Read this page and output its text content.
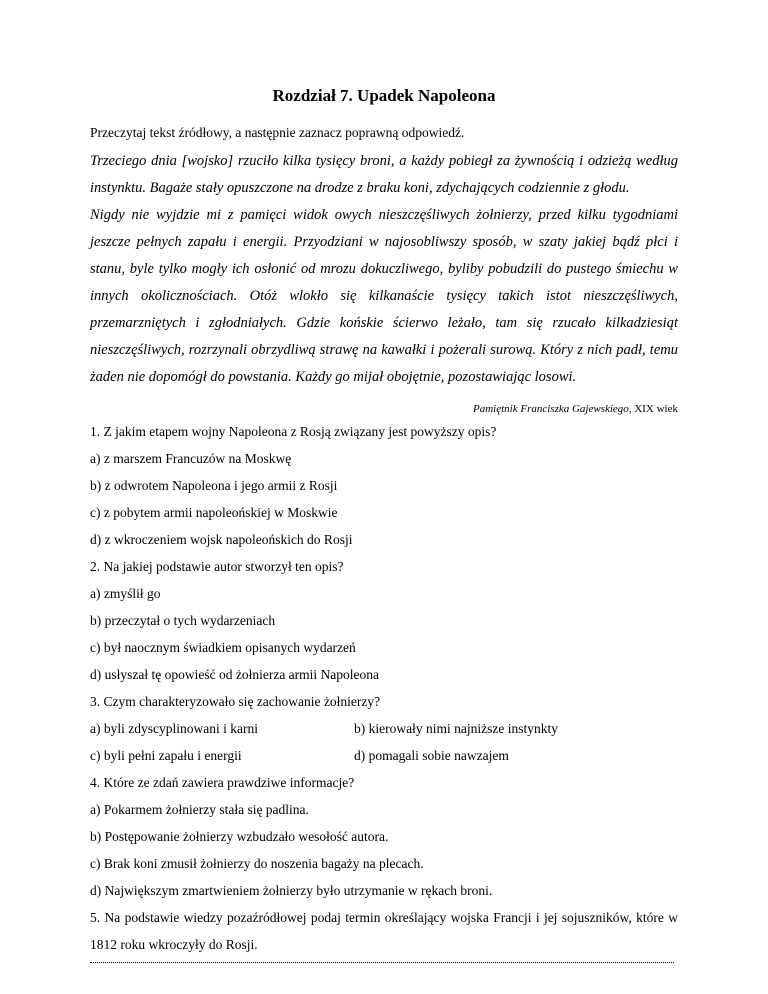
Rozdział 7. Upadek Napoleona
Przeczytaj tekst źródłowy, a następnie zaznacz poprawną odpowiedź.

Trzeciego dnia [wojsko] rzuciło kilka tysięcy broni, a każdy pobiegł za żywnością i odzieżą według instynktu. Bagaże stały opuszczone na drodze z braku koni, zdychających codziennie z głodu.

Nigdy nie wyjdzie mi z pamięci widok owych nieszczęśliwych żołnierzy, przed kilku tygodniami jeszcze pełnych zapału i energii. Przyodziani w najosobliwszy sposób, w szaty jakiej bądź płci i stanu, byle tylko mogły ich osłonić od mrozu dokuczliwego, byliby pobudzili do pustego śmiechu w innych okolicznościach. Otóż wlokło się kilkanaście tysięcy takich istot nieszczęśliwych, przemarzniętych i zgłodniałych. Gdzie końskie ścierwo leżało, tam się rzucało kilkadziesiąt nieszczęśliwych, rozrzynali obrzydliwą strawę na kawałki i pożerali surową. Który z nich padł, temu żaden nie dopomógł do powstania. Każdy go mijał obojętnie, pozostawiając losowi.

Pamiętnik Franciszka Gajewskiego, XIX wiek

1. Z jakim etapem wojny Napoleona z Rosją związany jest powyższy opis?

a) z marszem Francuzów na Moskwę

b) z odwrotem Napoleona i jego armii z Rosji

c) z pobytem armii napoleońskiej w Moskwie

d) z wkroczeniem wojsk napoleońskich do Rosji

2. Na jakiej podstawie autor stworzył ten opis?

a) zmyślił go

b) przeczytał o tych wydarzeniach

c) był naocznym świadkiem opisanych wydarzeń

d) usłyszał tę opowieść od żołnierza armii Napoleona

3. Czym charakteryzowało się zachowanie żołnierzy?

a) byli zdyscyplinowani i karni	b) kierowały nimi najniższe instynkty
c) byli pełni zapału i energii	d) pomagali sobie nawzajem

4. Które ze zdań zawiera prawdziwe informacje?

a) Pokarmem żołnierzy stała się padlina.

b) Postępowanie żołnierzy wzbudzało wesołość autora.

c) Brak koni zmusił żołnierzy do noszenia bagaży na plecach.

d) Największym zmartwieniem żołnierzy było utrzymanie w rękach broni.

5. Na podstawie wiedzy pozaźródłowej podaj termin określający wojska Francji i jej sojuszników, które w 1812 roku wkroczyły do Rosji.
